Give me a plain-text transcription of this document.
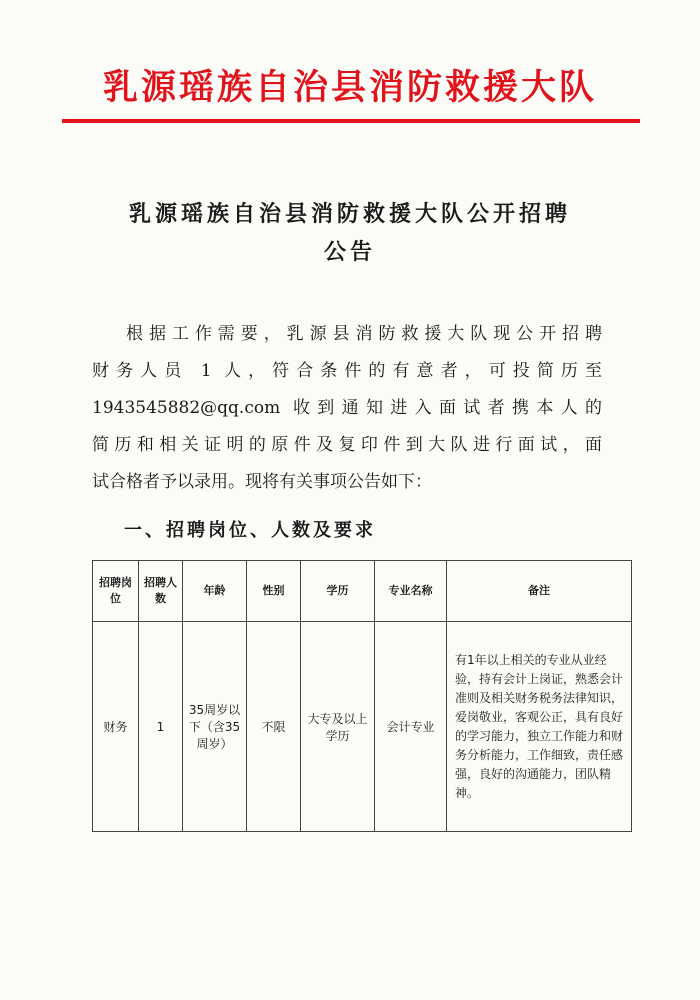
乳源瑶族自治县消防救援大队
乳源瑶族自治县消防救援大队公开招聘
公告
根据工作需要，乳源县消防救援大队现公开招聘
财务人员 1 人，符合条件的有意者，可投简历至
1943545882@qq.com 收到通知进入面试者携本人的
简历和相关证明的原件及复印件到大队进行面试，面
试合格者予以录用。现将有关事项公告如下：
一、招聘岗位、人数及要求
招聘岗位	招聘人数	年龄	性别	学历	专业名称	备注
财务	1	35周岁以下（含35周岁）	不限	大专及以上学历	会计专业	有1年以上相关的专业从业经验，持有会计上岗证，熟悉会计准则及相关财务税务法律知识，爱岗敬业，客观公正，具有良好的学习能力，独立工作能力和财务分析能力，工作细致，责任感强，良好的沟通能力，团队精神。
